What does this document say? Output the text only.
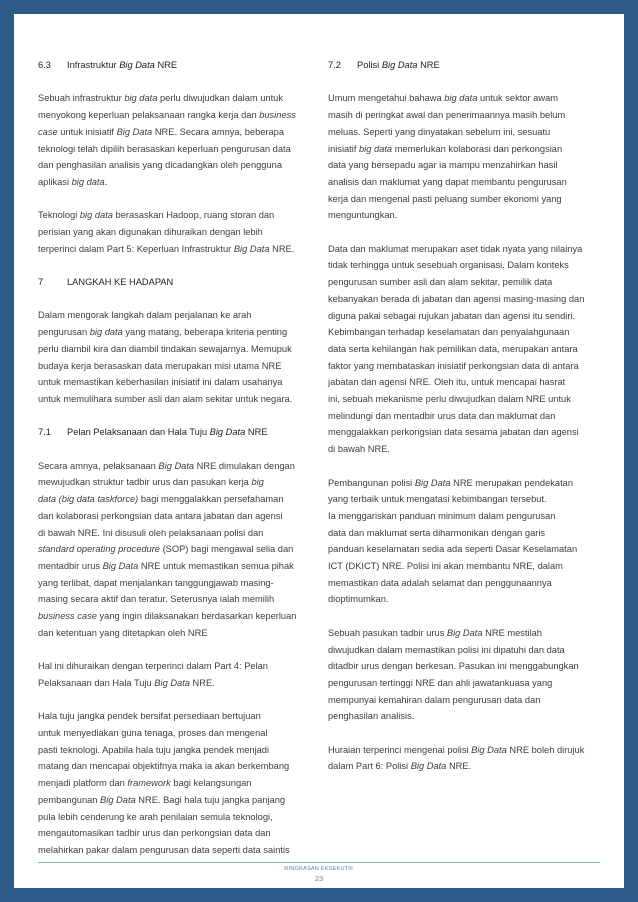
6.3	Infrastruktur Big Data NRE

Sebuah infrastruktur big data perlu diwujudkan dalam untuk
menyokong keperluan pelaksanaan rangka kerja dan business
case untuk inisiatif Big Data NRE. Secara amnya, beberapa
teknologi telah dipilih berasaskan keperluan pengurusan data
dan penghasilan analisis yang dicadangkan oleh pengguna
aplikasi big data.

Teknologi big data berasaskan Hadoop, ruang storan dan
perisian yang akan digunakan dihuraikan dengan lebih
terperinci dalam Part 5: Keperluan Infrastruktur Big Data NRE.

7	LANGKAH KE HADAPAN

Dalam mengorak langkah dalam perjalanan ke arah
pengurusan big data yang matang, beberapa kriteria penting
perlu diambil kira dan diambil tindakan sewajarnya. Memupuk
budaya kerja berasaskan data merupakan misi utama NRE
untuk memastikan keberhasilan inisiatif ini dalam usahanya
untuk memulihara sumber asli dan alam sekitar untuk negara.

7.1	Pelan Pelaksanaan dan Hala Tuju Big Data NRE

Secara amnya, pelaksanaan Big Data NRE dimulakan dengan
mewujudkan struktur tadbir urus dan pasukan kerja big
data (big data taskforce) bagi menggalakkan persefahaman
dan kolaborasi perkongsian data antara jabatan dan agensi
di bawah NRE. Ini disusuli oleh pelaksanaan polisi dan
standard operating procedure (SOP) bagi mengawal selia dan
mentadbir urus Big Data NRE untuk memastikan semua pihak
yang terlibat, dapat menjalankan tanggungjawab masing-
masing secara aktif dan teratur. Seterusnya ialah memilih
business case yang ingin dilaksanakan berdasarkan keperluan
dan ketentuan yang ditetapkan oleh NRE

Hal ini dihuraikan dengan terperinci dalam Part 4: Pelan
Pelaksanaan dan Hala Tuju Big Data NRE.

Hala tuju jangka pendek bersifat persediaan bertujuan
untuk menyediakan guna tenaga, proses dan mengenal
pasti teknologi. Apabila hala tuju jangka pendek menjadi
matang dan mencapai objektifnya maka ia akan berkembang
menjadi platform dan framework bagi kelangsungan
pembangunan Big Data NRE. Bagi hala tuju jangka panjang
pula lebih cenderung ke arah penilaian semula teknologi,
mengautomasikan tadbir urus dan perkongsian data dan
melahirkan pakar dalam pengurusan data seperti data saintis

7.2	Polisi Big Data NRE

Umum mengetahui bahawa big data untuk sektor awam
masih di peringkat awal dan penerimaannya masih belum
meluas. Seperti yang dinyatakan sebelum ini, sesuatu
inisiatif big data memerlukan kolaborasi dan perkongsian
data yang bersepadu agar ia mampu menzahirkan hasil
analisis dan maklumat yang dapat membantu pengurusan
kerja dan mengenal pasti peluang sumber ekonomi yang
menguntungkan.

Data dan maklumat merupakan aset tidak nyata yang nilainya
tidak terhingga untuk sesebuah organisasi. Dalam konteks
pengurusan sumber asli dan alam sekitar, pemilik data
kebanyakan berada di jabatan dan agensi masing-masing dan
diguna pakai sebagai rujukan jabatan dan agensi itu sendiri.
Kebimbangan terhadap keselamatan dan penyalahgunaan
data serta kehilangan hak pemilikan data, merupakan antara
faktor yang membataskan inisiatif perkongsian data di antara
jabatan dan agensi NRE. Oleh itu, untuk mencapai hasrat
ini, sebuah mekanisme perlu diwujudkan dalam NRE untuk
melindungi dan mentadbir urus data dan maklumat dan
menggalakkan perkongsian data sesama jabatan dan agensi
di bawah NRE.

Pembangunan polisi Big Data NRE merupakan pendekatan
yang terbaik untuk mengatasi kebimbangan tersebut.
Ia menggariskan panduan minimum dalam pengurusan
data dan maklumat serta diharmonikan dengan garis
panduan keselamatan sedia ada seperti Dasar Keselamatan
ICT (DKICT) NRE. Polisi ini akan membantu NRE, dalam
memastikan data adalah selamat dan penggunaannya
dioptimumkan.

Sebuah pasukan tadbir urus Big Data NRE mestilah
diwujudkan dalam memastikan polisi ini dipatuhi dan data
ditadbir urus dengan berkesan. Pasukan ini menggabungkan
pengurusan tertinggi NRE dan ahli jawatankuasa yang
mempunyai kemahiran dalam pengurusan data dan
penghasilan analisis.

Huraian terperinci mengenai polisi Big Data NRE boleh dirujuk
dalam Part 6: Polisi Big Data NRE.

RINGKASAN EKSEKUTIF
23
